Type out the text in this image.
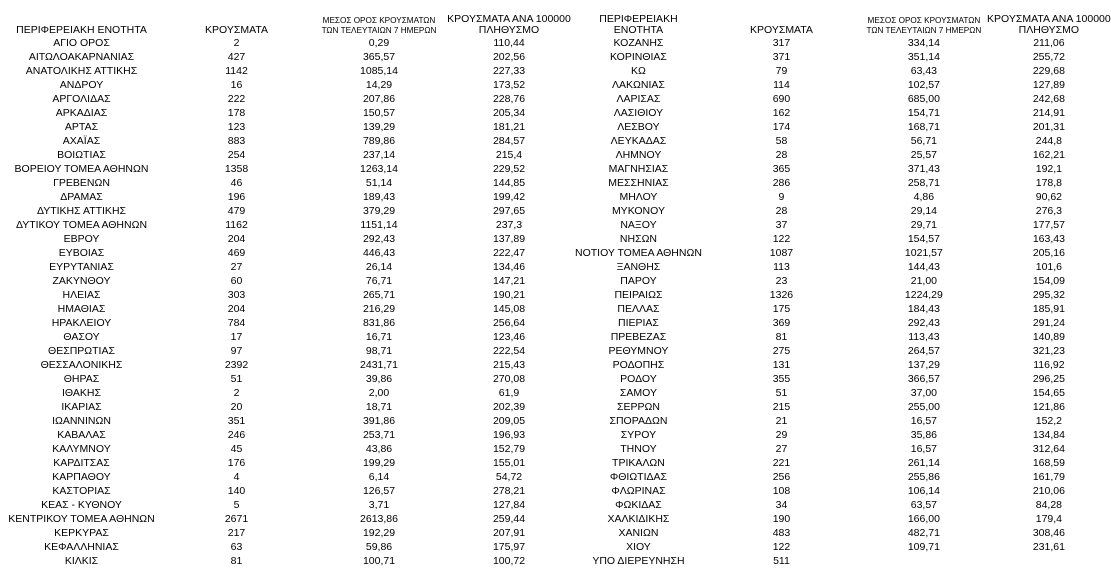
ΠΕΡΙΦΕΡΕΙΑΚΗ ΕΝΟΤΗΤΑ	ΚΡΟΥΣΜΑΤΑ	ΜΕΣΟΣ ΟΡΟΣ ΚΡΟΥΣΜΑΤΩΝ
ΤΩΝ ΤΕΛΕΥΤΑΙΩΝ 7 ΗΜΕΡΩΝ	ΚΡΟΥΣΜΑΤΑ ΑΝΑ 100000
ΠΛΗΘΥΣΜΟ
ΑΓΙΟ ΟΡΟΣ	2	0,29	110,44
ΑΙΤΩΛΟΑΚΑΡΝΑΝΙΑΣ	427	365,57	202,56
ΑΝΑΤΟΛΙΚΗΣ ΑΤΤΙΚΗΣ	1142	1085,14	227,33
ΑΝΔΡΟΥ	16	14,29	173,52
ΑΡΓΟΛΙΔΑΣ	222	207,86	228,76
ΑΡΚΑΔΙΑΣ	178	150,57	205,34
ΑΡΤΑΣ	123	139,29	181,21
ΑΧΑΪΑΣ	883	789,86	284,57
ΒΟΙΩΤΙΑΣ	254	237,14	215,4
ΒΟΡΕΙΟΥ ΤΟΜΕΑ ΑΘΗΝΩΝ	1358	1263,14	229,52
ΓΡΕΒΕΝΩΝ	46	51,14	144,85
ΔΡΑΜΑΣ	196	189,43	199,42
ΔΥΤΙΚΗΣ ΑΤΤΙΚΗΣ	479	379,29	297,65
ΔΥΤΙΚΟΥ ΤΟΜΕΑ ΑΘΗΝΩΝ	1162	1151,14	237,3
ΕΒΡΟΥ	204	292,43	137,89
ΕΥΒΟΙΑΣ	469	446,43	222,47
ΕΥΡΥΤΑΝΙΑΣ	27	26,14	134,46
ΖΑΚΥΝΘΟΥ	60	76,71	147,21
ΗΛΕΙΑΣ	303	265,71	190,21
ΗΜΑΘΙΑΣ	204	216,29	145,08
ΗΡΑΚΛΕΙΟΥ	784	831,86	256,64
ΘΑΣΟΥ	17	16,71	123,46
ΘΕΣΠΡΩΤΙΑΣ	97	98,71	222,54
ΘΕΣΣΑΛΟΝΙΚΗΣ	2392	2431,71	215,43
ΘΗΡΑΣ	51	39,86	270,08
ΙΘΑΚΗΣ	2	2,00	61,9
ΙΚΑΡΙΑΣ	20	18,71	202,39
ΙΩΑΝΝΙΝΩΝ	351	391,86	209,05
ΚΑΒΑΛΑΣ	246	253,71	196,93
ΚΑΛΥΜΝΟΥ	45	43,86	152,79
ΚΑΡΔΙΤΣΑΣ	176	199,29	155,01
ΚΑΡΠΑΘΟΥ	4	6,14	54,72
ΚΑΣΤΟΡΙΑΣ	140	126,57	278,21
ΚΕΑΣ - ΚΥΘΝΟΥ	5	3,71	127,84
ΚΕΝΤΡΙΚΟΥ ΤΟΜΕΑ ΑΘΗΝΩΝ	2671	2613,86	259,44
ΚΕΡΚΥΡΑΣ	217	192,29	207,91
ΚΕΦΑΛΛΗΝΙΑΣ	63	59,86	175,97
ΚΙΛΚΙΣ	81	100,71	100,72
ΠΕΡΙΦΕΡΕΙΑΚΗ ΕΝΟΤΗΤΑ	ΚΡΟΥΣΜΑΤΑ	ΜΕΣΟΣ ΟΡΟΣ ΚΡΟΥΣΜΑΤΩΝ
ΤΩΝ ΤΕΛΕΥΤΑΙΩΝ 7 ΗΜΕΡΩΝ	ΚΡΟΥΣΜΑΤΑ ΑΝΑ 100000
ΠΛΗΘΥΣΜΟ
ΚΟΖΑΝΗΣ	317	334,14	211,06
ΚΟΡΙΝΘΙΑΣ	371	351,14	255,72
ΚΩ	79	63,43	229,68
ΛΑΚΩΝΙΑΣ	114	102,57	127,89
ΛΑΡΙΣΑΣ	690	685,00	242,68
ΛΑΣΙΘΙΟΥ	162	154,71	214,91
ΛΕΣΒΟΥ	174	168,71	201,31
ΛΕΥΚΑΔΑΣ	58	56,71	244,8
ΛΗΜΝΟΥ	28	25,57	162,21
ΜΑΓΝΗΣΙΑΣ	365	371,43	192,1
ΜΕΣΣΗΝΙΑΣ	286	258,71	178,8
ΜΗΛΟΥ	9	4,86	90,62
ΜΥΚΟΝΟΥ	28	29,14	276,3
ΝΑΞΟΥ	37	29,71	177,57
ΝΗΣΩΝ	122	154,57	163,43
ΝΟΤΙΟΥ ΤΟΜΕΑ ΑΘΗΝΩΝ	1087	1021,57	205,16
ΞΑΝΘΗΣ	113	144,43	101,6
ΠΑΡΟΥ	23	21,00	154,09
ΠΕΙΡΑΙΩΣ	1326	1224,29	295,32
ΠΕΛΛΑΣ	175	184,43	185,91
ΠΙΕΡΙΑΣ	369	292,43	291,24
ΠΡΕΒΕΖΑΣ	81	113,43	140,89
ΡΕΘΥΜΝΟΥ	275	264,57	321,23
ΡΟΔΟΠΗΣ	131	137,29	116,92
ΡΟΔΟΥ	355	366,57	296,25
ΣΑΜΟΥ	51	37,00	154,65
ΣΕΡΡΩΝ	215	255,00	121,86
ΣΠΟΡΑΔΩΝ	21	16,57	152,2
ΣΥΡΟΥ	29	35,86	134,84
ΤΗΝΟΥ	27	16,57	312,64
ΤΡΙΚΑΛΩΝ	221	261,14	168,59
ΦΘΙΩΤΙΔΑΣ	256	255,86	161,79
ΦΛΩΡΙΝΑΣ	108	106,14	210,06
ΦΩΚΙΔΑΣ	34	63,57	84,28
ΧΑΛΚΙΔΙΚΗΣ	190	166,00	179,4
ΧΑΝΙΩΝ	483	482,71	308,46
ΧΙΟΥ	122	109,71	231,61
ΥΠΟ ΔΙΕΡΕΥΝΗΣΗ	511		
